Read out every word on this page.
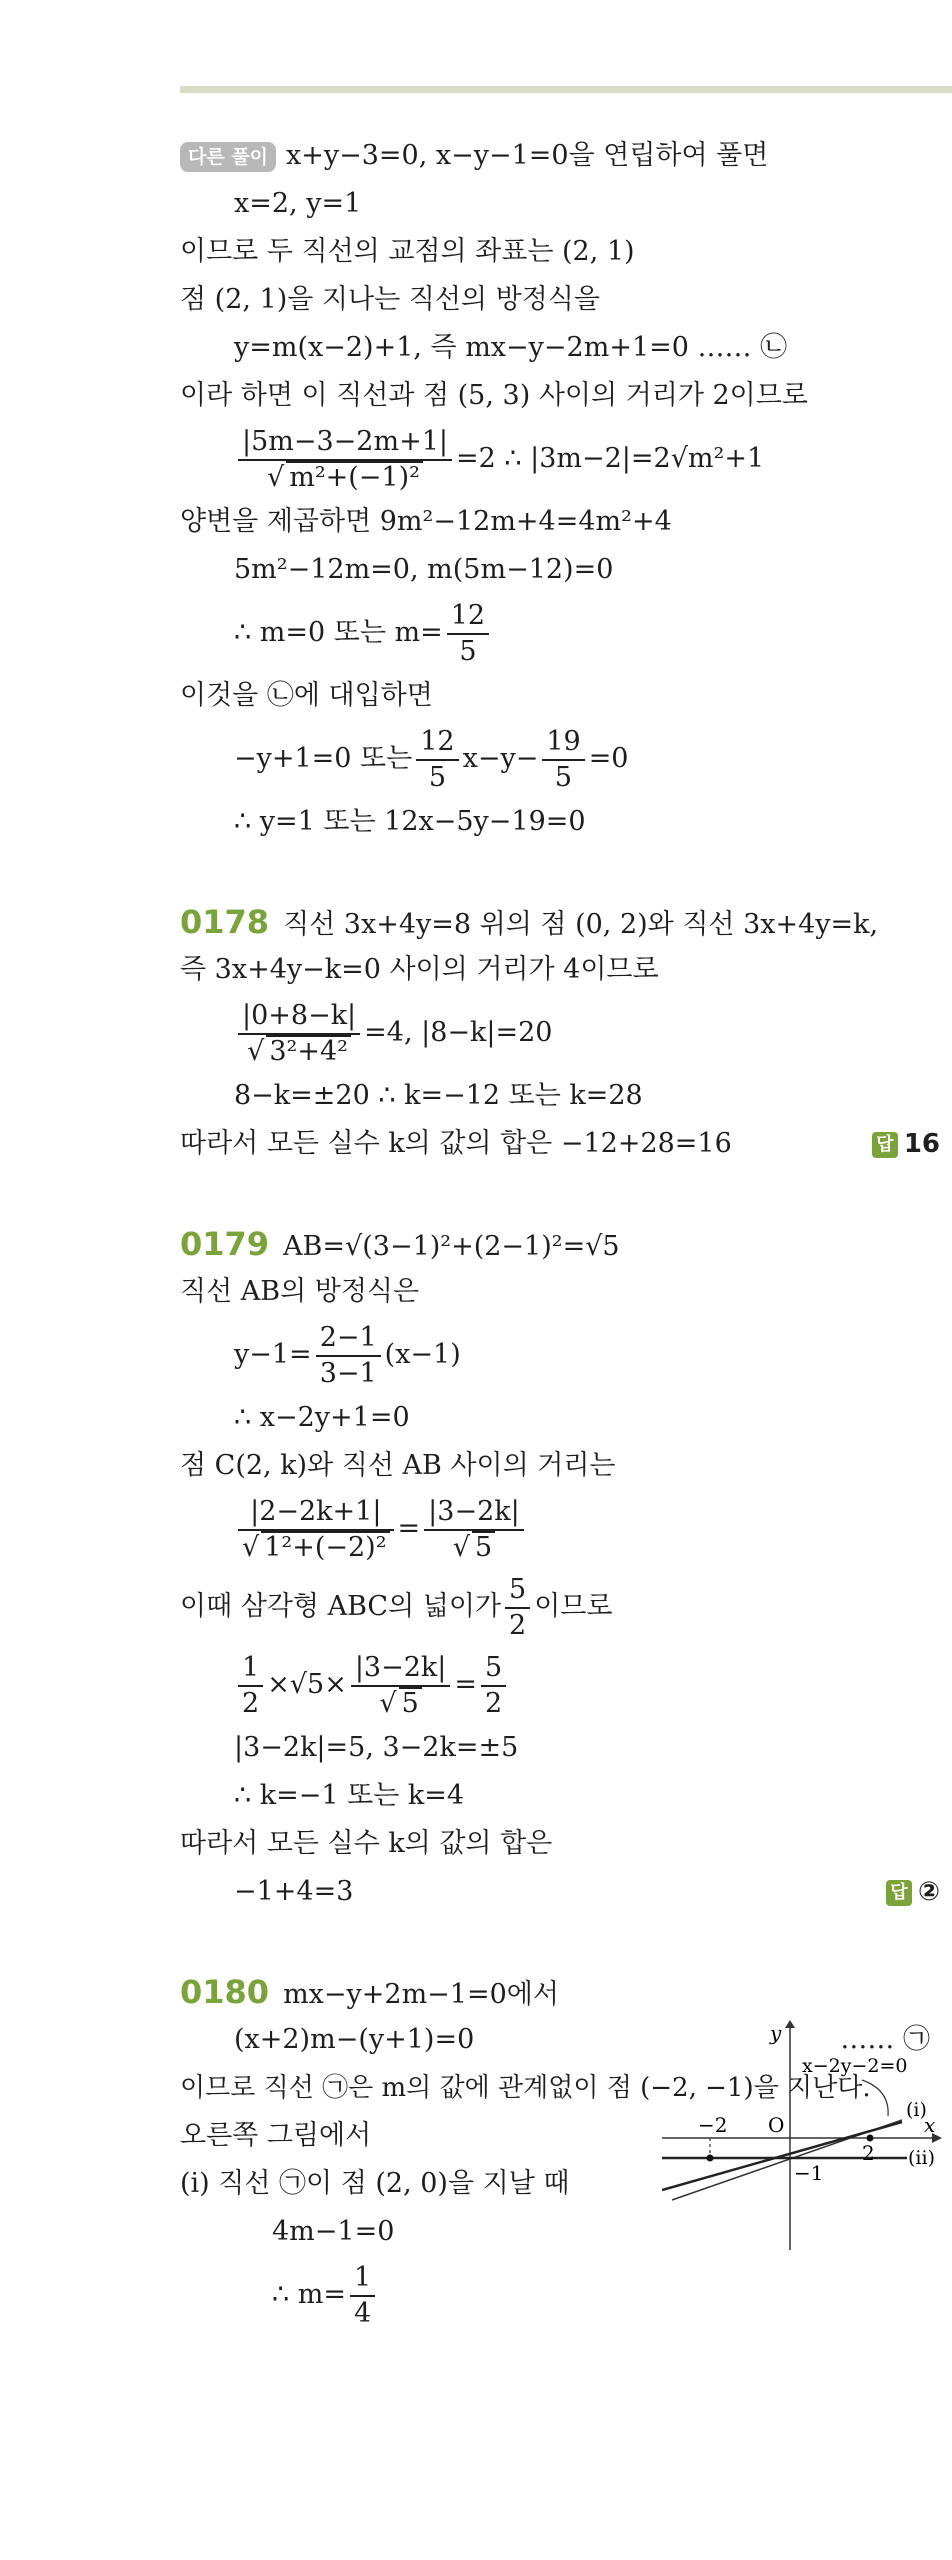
다른 풀이 x+y−3=0, x−y−1=0을 연립하여 풀면
x=2, y=1
이므로 두 직선의 교점의 좌표는 (2, 1)
점 (2, 1)을 지나는 직선의 방정식을
y=m(x−2)+1, 즉 mx−y−2m+1=0 …… ㉡
이라 하면 이 직선과 점 (5, 3) 사이의 거리가 2이므로
$\frac{|5m-3-2m+1|}{\text{√ m²+(−1)²}} =2$ ∴ |3m−2|=2√m²+1
양변을 제곱하면 9m²−12m+4=4m²+4
5m²−12m=0, m(5m−12)=0
∴ m=0 또는 $m= \frac{12}{5}$
이것을 ㉡에 대입하면
−y+1=0 또는 $\frac{12}{5} x-y- \frac{19}{5} =0$
∴ y=1 또는 12x−5y−19=0
0178 직선 3x+4y=8 위의 점 (0, 2)와 직선 3x+4y=k,
즉 3x+4y−k=0 사이의 거리가 4이므로
$\frac{|0+8-k|}{\text{√ 3²+4²}} =4$, |8−k|=20
8−k=±20 ∴ k=−12 또는 k=28
따라서 모든 실수 k의 값의 합은 −12+28=16	답 16
0179 AB=√(3−1)²+(2−1)²=√5
직선 AB의 방정식은
$y-1= \frac{2-1}{3-1} (x-1)$
∴ x−2y+1=0
점 C(2, k)와 직선 AB 사이의 거리는
$\frac{|2-2k+1|}{\text{√ 1²+(−2)²}} = \frac{|3-2k|}{√ 5}$
이때 삼각형 ABC의 넓이가 $\frac{5}{2}$ 이므로
$\frac{1}{2} \times√5\times \frac{|3-2k|}{√ 5} = \frac{5}{2}$
|3−2k|=5, 3−2k=±5
∴ k=−1 또는 k=4
따라서 모든 실수 k의 값의 합은
−1+4=3	답 ②
0180 mx−y+2m−1=0에서
(x+2)m−(y+1)=0	…… ㉠
이므로 직선 ㉠은 m의 값에 관계없이 점 (−2, −1)을 지난다.
오른쪽 그림에서
(i) 직선 ㉠이 점 (2, 0)을 지날 때
4m−1=0
∴ $m= \frac{1}{4}$
y
x
x−2y−2=0
−2 O
2
−1
(i)
(ii)
